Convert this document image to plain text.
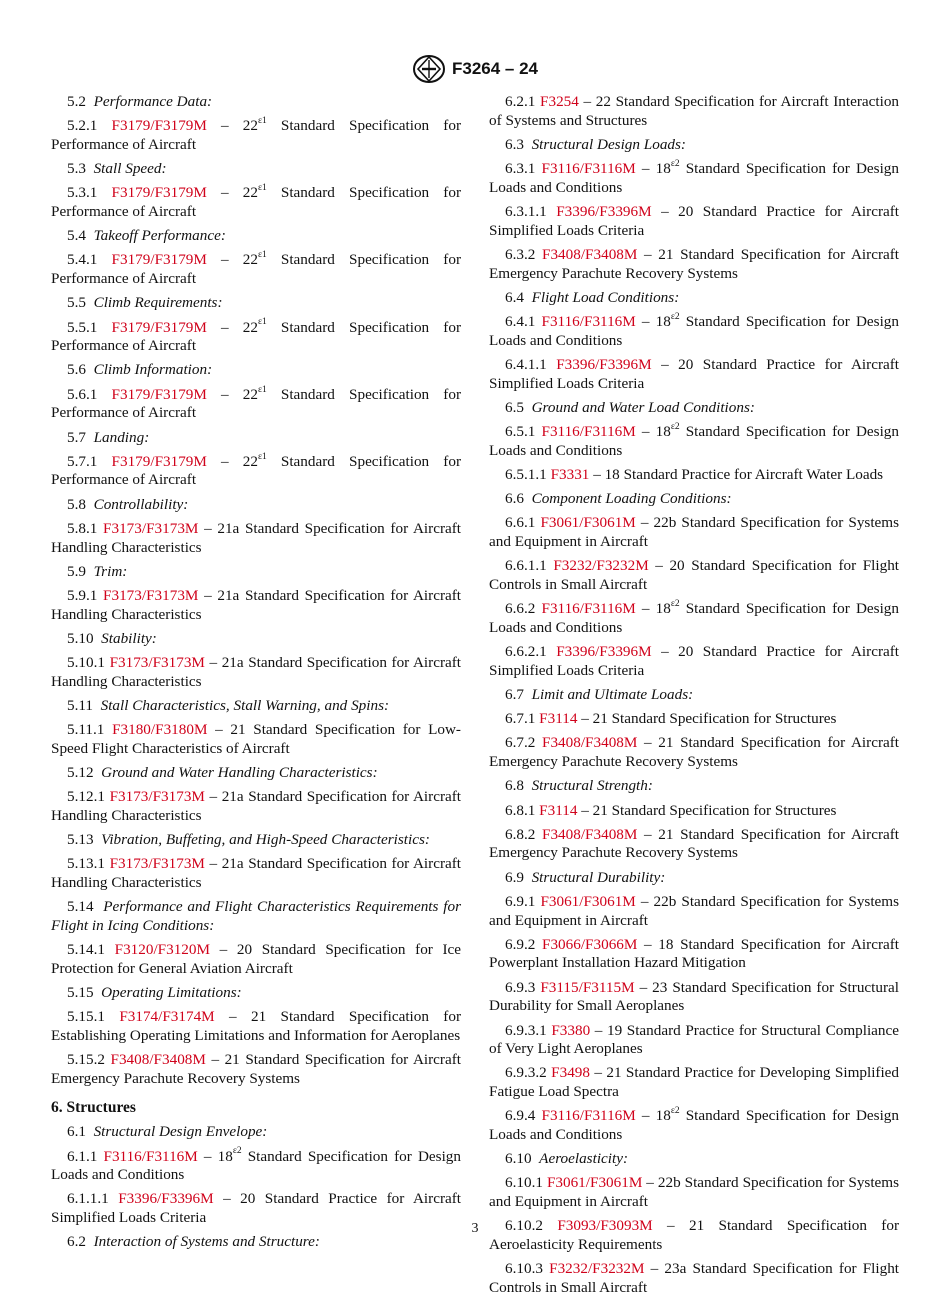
F3264 – 24

5.2 Performance Data:

5.2.1 $F3179/F3179M - 22^{\varepsilon 1}$ Standard Specification for Performance of Aircraft

5.3 Stall Speed:

5.3.1 $F3179/F3179M - 22^{\varepsilon 1}$ Standard Specification for Performance of Aircraft

5.4 Takeoff Performance:

5.4.1 $F3179/F3179M - 22^{\varepsilon 1}$ Standard Specification for Performance of Aircraft

5.5 Climb Requirements:

5.5.1 $F3179/F3179M - 22^{\varepsilon 1}$ Standard Specification for Performance of Aircraft

5.6 Climb Information:

5.6.1 $F3179/F3179M - 22^{\varepsilon 1}$ Standard Specification for Performance of Aircraft

5.7 Landing:

5.7.1 $F3179/F3179M - 22^{\varepsilon 1}$ Standard Specification for Performance of Aircraft

5.8 Controllability:

5.8.1 F3173/F3173M – 21a Standard Specification for Aircraft Handling Characteristics

5.9 Trim:

5.9.1 F3173/F3173M – 21a Standard Specification for Aircraft Handling Characteristics

5.10 Stability:

5.10.1 F3173/F3173M – 21a Standard Specification for Aircraft Handling Characteristics

5.11 Stall Characteristics, Stall Warning, and Spins:

5.11.1 F3180/F3180M – 21 Standard Specification for Low-Speed Flight Characteristics of Aircraft

5.12 Ground and Water Handling Characteristics:

5.12.1 F3173/F3173M – 21a Standard Specification for Aircraft Handling Characteristics

5.13 Vibration, Buffeting, and High-Speed Characteristics:

5.13.1 F3173/F3173M – 21a Standard Specification for Aircraft Handling Characteristics

5.14 Performance and Flight Characteristics Requirements for Flight in Icing Conditions:

5.14.1 F3120/F3120M – 20 Standard Specification for Ice Protection for General Aviation Aircraft

5.15 Operating Limitations:

5.15.1 F3174/F3174M – 21 Standard Specification for Establishing Operating Limitations and Information for Aeroplanes

5.15.2 F3408/F3408M – 21 Standard Specification for Aircraft Emergency Parachute Recovery Systems

6. Structures

6.1 Structural Design Envelope:

6.1.1 $F3116/F3116M - 18^{\varepsilon 2}$ Standard Specification for Design Loads and Conditions

6.1.1.1 F3396/F3396M – 20 Standard Practice for Aircraft Simplified Loads Criteria

6.2 Interaction of Systems and Structure:

6.2.1 F3254 – 22 Standard Specification for Aircraft Interaction of Systems and Structures

6.3 Structural Design Loads:

6.3.1 $F3116/F3116M - 18^{\varepsilon 2}$ Standard Specification for Design Loads and Conditions

6.3.1.1 F3396/F3396M – 20 Standard Practice for Aircraft Simplified Loads Criteria

6.3.2 F3408/F3408M – 21 Standard Specification for Aircraft Emergency Parachute Recovery Systems

6.4 Flight Load Conditions:

6.4.1 $F3116/F3116M - 18^{\varepsilon 2}$ Standard Specification for Design Loads and Conditions

6.4.1.1 F3396/F3396M – 20 Standard Practice for Aircraft Simplified Loads Criteria

6.5 Ground and Water Load Conditions:

6.5.1 $F3116/F3116M - 18^{\varepsilon 2}$ Standard Specification for Design Loads and Conditions

6.5.1.1 F3331 – 18 Standard Practice for Aircraft Water Loads

6.6 Component Loading Conditions:

6.6.1 F3061/F3061M – 22b Standard Specification for Systems and Equipment in Aircraft

6.6.1.1 F3232/F3232M – 20 Standard Specification for Flight Controls in Small Aircraft

6.6.2 $F3116/F3116M - 18^{\varepsilon 2}$ Standard Specification for Design Loads and Conditions

6.6.2.1 F3396/F3396M – 20 Standard Practice for Aircraft Simplified Loads Criteria

6.7 Limit and Ultimate Loads:

6.7.1 F3114 – 21 Standard Specification for Structures

6.7.2 F3408/F3408M – 21 Standard Specification for Aircraft Emergency Parachute Recovery Systems

6.8 Structural Strength:

6.8.1 F3114 – 21 Standard Specification for Structures

6.8.2 F3408/F3408M – 21 Standard Specification for Aircraft Emergency Parachute Recovery Systems

6.9 Structural Durability:

6.9.1 F3061/F3061M – 22b Standard Specification for Systems and Equipment in Aircraft

6.9.2 F3066/F3066M – 18 Standard Specification for Aircraft Powerplant Installation Hazard Mitigation

6.9.3 F3115/F3115M – 23 Standard Specification for Structural Durability for Small Aeroplanes

6.9.3.1 F3380 – 19 Standard Practice for Structural Compliance of Very Light Aeroplanes

6.9.3.2 F3498 – 21 Standard Practice for Developing Simplified Fatigue Load Spectra

6.9.4 $F3116/F3116M - 18^{\varepsilon 2}$ Standard Specification for Design Loads and Conditions

6.10 Aeroelasticity:

6.10.1 F3061/F3061M – 22b Standard Specification for Systems and Equipment in Aircraft

6.10.2 F3093/F3093M – 21 Standard Specification for Aeroelasticity Requirements

6.10.3 F3232/F3232M – 23a Standard Specification for Flight Controls in Small Aircraft

3
